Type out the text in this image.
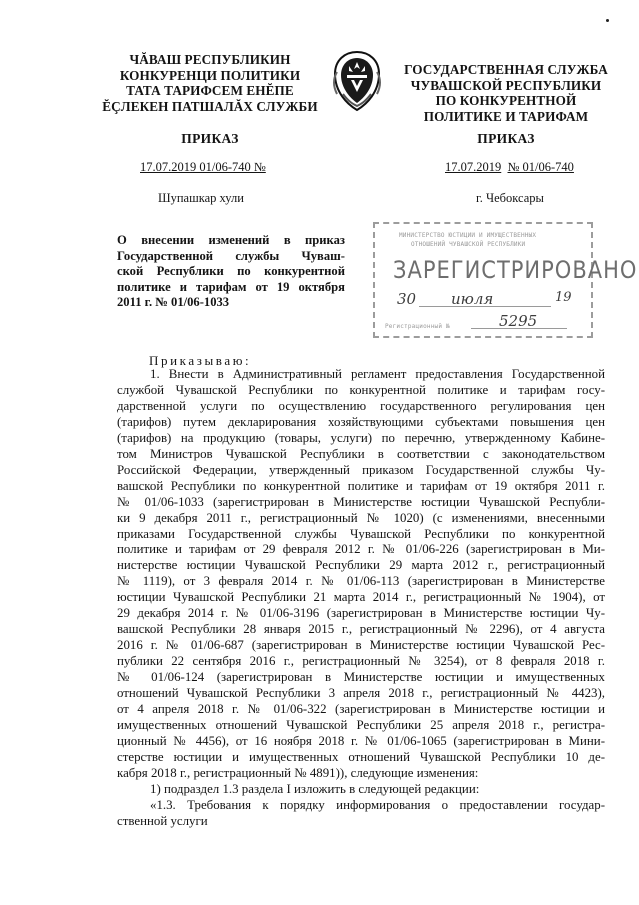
ЧĂВАШ РЕСПУБЛИКИН
КОНКУРЕНЦИ ПОЛИТИКИ
ТАТА ТАРИФСЕМ ЕНĔПЕ
ĔÇЛЕКЕН ПАТШАЛĂХ СЛУЖБИ
ПРИКАЗ
17.07.2019 01/06-740 №
Шупашкар хули
ГОСУДАРСТВЕННАЯ СЛУЖБА
ЧУВАШСКОЙ РЕСПУБЛИКИ
ПО КОНКУРЕНТНОЙ
ПОЛИТИКЕ И ТАРИФАМ
ПРИКАЗ
17.07.2019 № 01/06-740
г. Чебоксары
О внесении изменений в приказ
Государственной службы Чуваш-
ской Республики по конкурентной
политике и тарифам от 19 октября
2011 г. № 01/06-1033
МИНИСТЕРСТВО ЮСТИЦИИ И ИМУЩЕСТВЕННЫХ
ОТНОШЕНИЙ ЧУВАШСКОЙ РЕСПУБЛИКИ
ЗАРЕГИСТРИРОВАНО
30 июля	19
Регистрационный №	5295
Приказываю:
1. Внести в Административный регламент предоставления Государственной
службой Чувашской Республики по конкурентной политике и тарифам госу-
дарственной услуги по осуществлению государственного регулирования цен
(тарифов) путем декларирования хозяйствующими субъектами повышения цен
(тарифов) на продукцию (товары, услуги) по перечню, утвержденному Кабине-
том Министров Чувашской Республики в соответствии с законодательством
Российской Федерации, утвержденный приказом Государственной службы Чу-
вашской Республики по конкурентной политике и тарифам от 19 октября 2011 г.
№ 01/06-1033 (зарегистрирован в Министерстве юстиции Чувашской Республи-
ки 9 декабря 2011 г., регистрационный № 1020) (с изменениями, внесенными
приказами Государственной службы Чувашской Республики по конкурентной
политике и тарифам от 29 февраля 2012 г. № 01/06-226 (зарегистрирован в Ми-
нистерстве юстиции Чувашской Республики 29 марта 2012 г., регистрационный
№ 1119), от 3 февраля 2014 г. № 01/06-113 (зарегистрирован в Министерстве
юстиции Чувашской Республики 21 марта 2014 г., регистрационный № 1904), от
29 декабря 2014 г. № 01/06-3196 (зарегистрирован в Министерстве юстиции Чу-
вашской Республики 28 января 2015 г., регистрационный № 2296), от 4 августа
2016 г. № 01/06-687 (зарегистрирован в Министерстве юстиции Чувашской Рес-
публики 22 сентября 2016 г., регистрационный № 3254), от 8 февраля 2018 г.
№ 01/06-124 (зарегистрирован в Министерстве юстиции и имущественных
отношений Чувашской Республики 3 апреля 2018 г., регистрационный № 4423),
от 4 апреля 2018 г. № 01/06-322 (зарегистрирован в Министерстве юстиции и
имущественных отношений Чувашской Республики 25 апреля 2018 г., регистра-
ционный № 4456), от 16 ноября 2018 г. № 01/06-1065 (зарегистрирован в Мини-
стерстве юстиции и имущественных отношений Чувашской Республики 10 де-
кабря 2018 г., регистрационный № 4891)), следующие изменения:
1) подраздел 1.3 раздела I изложить в следующей редакции:
«1.3. Требования к порядку информирования о предоставлении государ-
ственной услуги
